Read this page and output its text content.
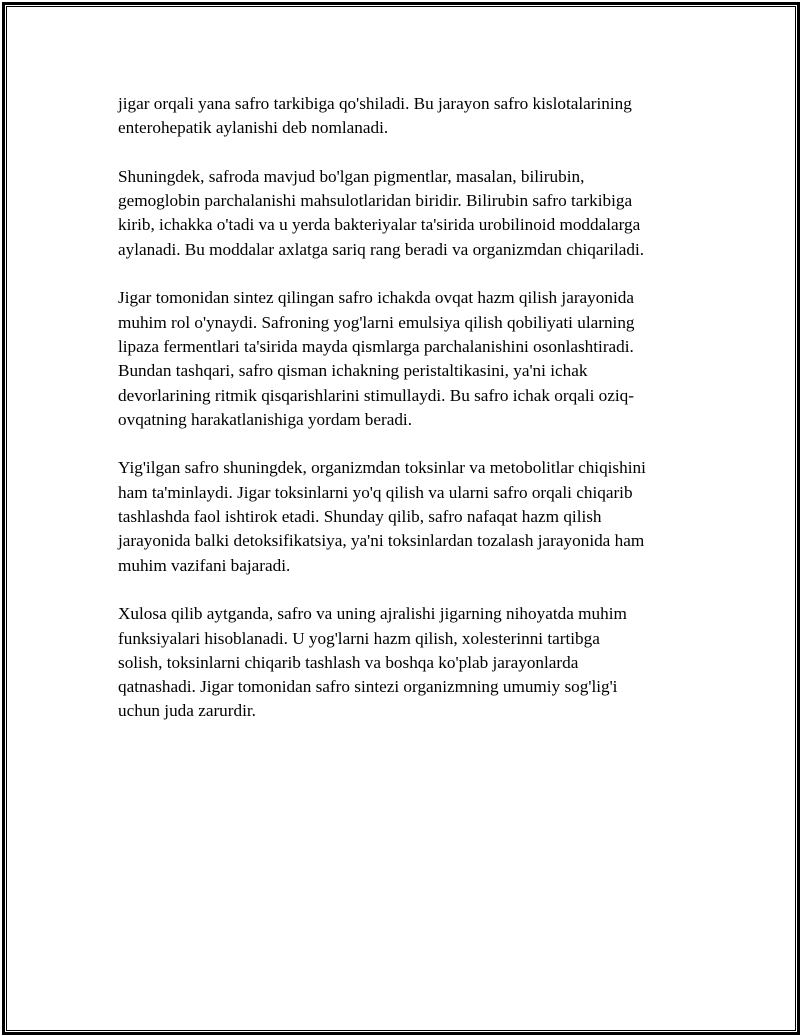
jigar orqali yana safro tarkibiga qo'shiladi. Bu jarayon safro kislotalarining
enterohepatik aylanishi deb nomlanadi.

Shuningdek, safroda mavjud bo'lgan pigmentlar, masalan, bilirubin,
gemoglobin parchalanishi mahsulotlaridan biridir. Bilirubin safro tarkibiga
kirib, ichakka o'tadi va u yerda bakteriyalar ta'sirida urobilinoid moddalarga
aylanadi. Bu moddalar axlatga sariq rang beradi va organizmdan chiqariladi.

Jigar tomonidan sintez qilingan safro ichakda ovqat hazm qilish jarayonida
muhim rol o'ynaydi. Safroning yog'larni emulsiya qilish qobiliyati ularning
lipaza fermentlari ta'sirida mayda qismlarga parchalanishini osonlashtiradi.
Bundan tashqari, safro qisman ichakning peristaltikasini, ya'ni ichak
devorlarining ritmik qisqarishlarini stimullaydi. Bu safro ichak orqali oziq-
ovqatning harakatlanishiga yordam beradi.

Yig'ilgan safro shuningdek, organizmdan toksinlar va metobolitlar chiqishini
ham ta'minlaydi. Jigar toksinlarni yo'q qilish va ularni safro orqali chiqarib
tashlashda faol ishtirok etadi. Shunday qilib, safro nafaqat hazm qilish
jarayonida balki detoksifikatsiya, ya'ni toksinlardan tozalash jarayonida ham
muhim vazifani bajaradi.

Xulosa qilib aytganda, safro va uning ajralishi jigarning nihoyatda muhim
funksiyalari hisoblanadi. U yog'larni hazm qilish, xolesterinni tartibga
solish, toksinlarni chiqarib tashlash va boshqa ko'plab jarayonlarda
qatnashadi. Jigar tomonidan safro sintezi organizmning umumiy sog'lig'i
uchun juda zarurdir.
